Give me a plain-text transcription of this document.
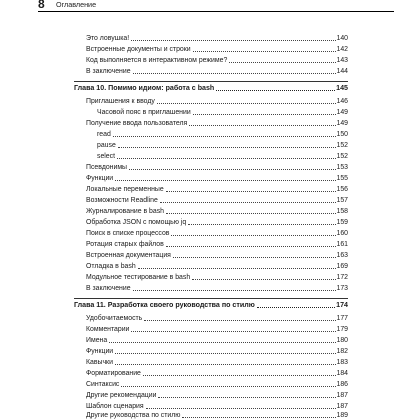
8 Оглавление
Это ловушка!	140
Встроенные документы и строки	142
Код выполняется в интерактивном режиме?	143
В заключение	144
Глава 10. Помимо идиом: работа с bash	145
Приглашения к вводу	146
Часовой пояс в приглашении	149
Получение ввода пользователя	149
read	150
pause	152
select	152
Псевдонимы	153
Функции	155
Локальные переменные	156
Возможности Readline	157
Журналирование в bash	158
Обработка JSON с помощью jq	159
Поиск в списке процессов	160
Ротация старых файлов	161
Встроенная документация	163
Отладка в bash	169
Модульное тестирование в bash	172
В заключение	173
Глава 11. Разработка своего руководства по стилю	174
Удобочитаемость	177
Комментарии	179
Имена	180
Функции	182
Кавычки	183
Форматирование	184
Синтаксис	186
Другие рекомендации	187
Шаблон сценария	187
Другие руководства по стилю	189
